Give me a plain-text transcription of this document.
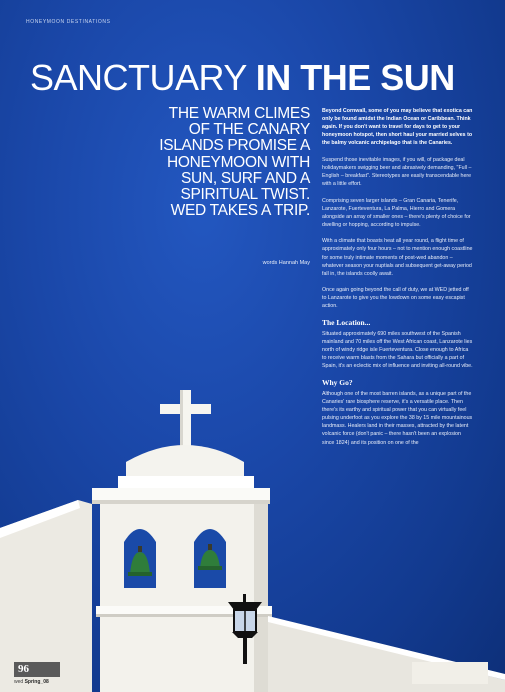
HONEYMOON DESTINATIONS
SANCTUARY IN THE SUN
THE WARM CLIMES OF THE CANARY ISLANDS PROMISE A HONEYMOON WITH SUN, SURF AND A SPIRITUAL TWIST. WED TAKES A TRIP.
words Hannah May

Beyond Cornwall, some of you may believe that exotica can only be found amidst the Indian Ocean or Caribbean. Think again. If you don't want to travel for days to get to your honeymoon hotspot, then short haul your married selves to the balmy volcanic archipelago that is the Canaries.

Suspend those inevitable images, if you will, of package deal holidaymakers swigging beer and abrasively demanding, "Full – English – breakfast". Stereotypes are easily transcendable here with a little effort.

Comprising seven larger islands – Gran Canaria, Tenerife, Lanzarote, Fuerteventura, La Palma, Hierro and Gomera alongside an array of smaller ones – there's plenty of choice for dwelling or hopping, according to impulse.

With a climate that boasts heat all year round, a flight time of approximately only four hours – not to mention enough coastline for some truly intimate moments of post-wed abandon – whatever season your nuptials and subsequent get-away period fall in, the islands coolly await.

Once again going beyond the call of duty, we at WED jetted off to Lanzarote to give you the lowdown on some easy escapist action.

The Location...

Situated approximately 690 miles southwest of the Spanish mainland and 70 miles off the West African coast, Lanzarote lies north of windy ridge isle Fuerteventura. Close enough to Africa to receive warm blasts from the Sahara but officially a part of Spain, it's an eclectic mix of influence and inviting all-round vibe.

Why Go?

Although one of the most barren islands, as a unique part of the Canaries' rare biosphere reserve, it's a versatile place. Then there's its earthy and spiritual power that you can virtually feel pulsing underfoot as you explore the 38 by 15 mile mountainous landmass. Healers land in their masses, attracted by the latent volcanic force (don't panic – there hasn't been an explosion since 1824) and its position on one of the

96
wed Spring_08
